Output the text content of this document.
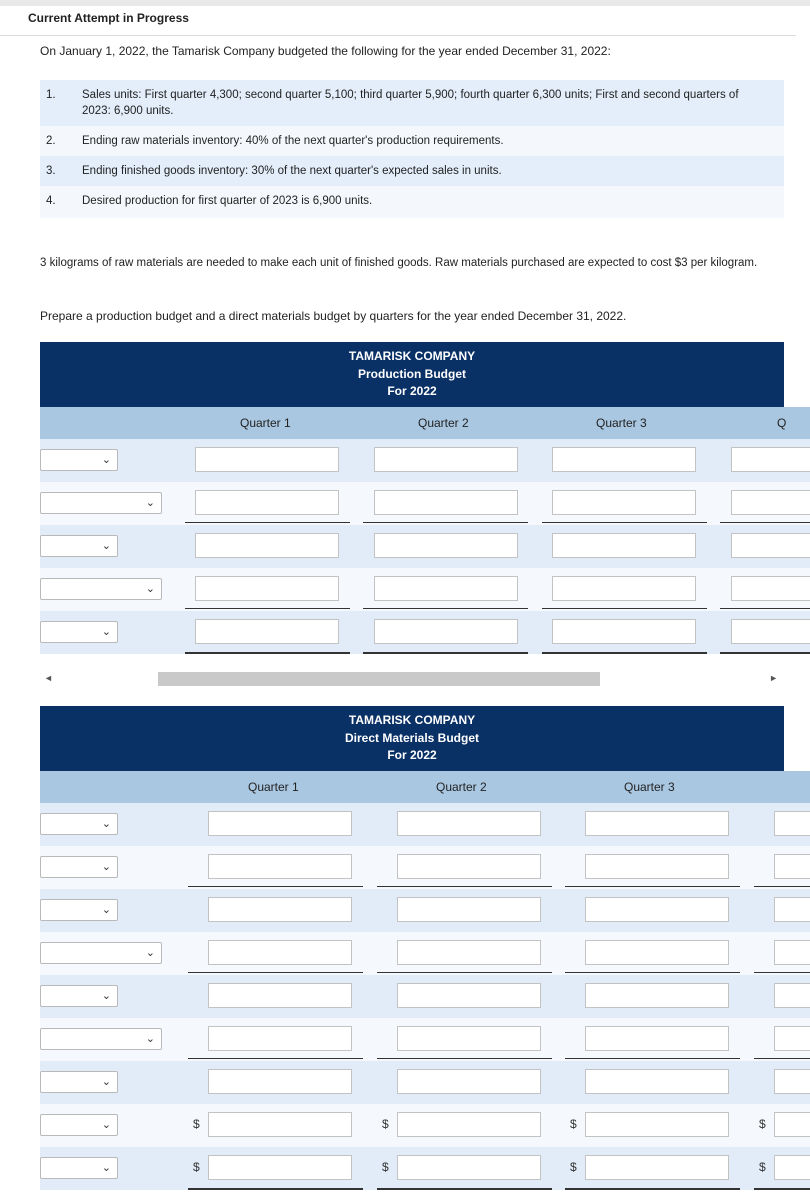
Current Attempt in Progress
On January 1, 2022, the Tamarisk Company budgeted the following for the year ended December 31, 2022:
1. Sales units: First quarter 4,300; second quarter 5,100; third quarter 5,900; fourth quarter 6,300 units; First and second quarters of 2023: 6,900 units.
2. Ending raw materials inventory: 40% of the next quarter's production requirements.
3. Ending finished goods inventory: 30% of the next quarter's expected sales in units.
4. Desired production for first quarter of 2023 is 6,900 units.
3 kilograms of raw materials are needed to make each unit of finished goods. Raw materials purchased are expected to cost $3 per kilogram.
Prepare a production budget and a direct materials budget by quarters for the year ended December 31, 2022.
TAMARISK COMPANY
Production Budget
For 2022
Quarter 1	Quarter 2	Quarter 3	Q
⌄
⌄
⌄
⌄
⌄
◄	►
TAMARISK COMPANY
Direct Materials Budget
For 2022
Quarter 1	Quarter 2	Quarter 3
⌄
⌄
⌄
⌄
⌄
⌄
⌄
⌄	$	$	$	$
⌄	$	$	$	$
